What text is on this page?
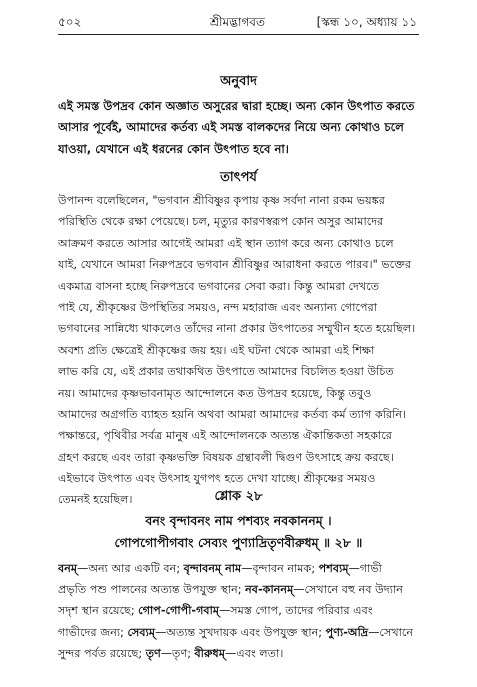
৫০২	শ্রীমদ্ভাগবত	[স্কন্ধ ১০, অধ্যায় ১১
অনুবাদ
এই সমস্ত উপদ্রব কোন অজ্ঞাত অসুরের দ্বারা হচ্ছে। অন্য কোন উৎপাত করতে
আসার পূর্বেই, আমাদের কর্তব্য এই সমস্ত বালকদের নিয়ে অন্য কোথাও চলে
যাওয়া, যেখানে এই ধরনের কোন উৎপাত হবে না।
তাৎপর্য
উপানন্দ বলেছিলেন, "ভগবান শ্রীবিষ্ণুর কৃপায় কৃষ্ণ সর্বদা নানা রকম ভয়ঙ্কর
পরিস্থিতি থেকে রক্ষা পেয়েছে। চল, মৃত্যুর কারণস্বরূপ কোন অসুর আমাদের
আক্রমণ করতে আসার আগেই আমরা এই স্থান ত্যাগ করে অন্য কোথাও চলে
যাই, যেখানে আমরা নিরুপদ্রবে ভগবান শ্রীবিষ্ণুর আরাধনা করতে পারব।" ভক্তের
একমাত্র বাসনা হচ্ছে নিরুপদ্রবে ভগবানের সেবা করা। কিন্তু আমরা দেখতে
পাই যে, শ্রীকৃষ্ণের উপস্থিতির সময়ও, নন্দ মহারাজ এবং অন্যান্য গোপেরা
ভগবানের সান্নিধ্যে থাকলেও তাঁদের নানা প্রকার উৎপাতের সম্মুখীন হতে হয়েছিল।
অবশ্য প্রতি ক্ষেত্রেই শ্রীকৃষ্ণের জয় হয়। এই ঘটনা থেকে আমরা এই শিক্ষা
লাভ করি যে, এই প্রকার তথাকথিত উৎপাতে আমাদের বিচলিত হওয়া উচিত
নয়। আমাদের কৃষ্ণভাবনামৃত আন্দোলনে কত উপদ্রব হয়েছে, কিন্তু তবুও
আমাদের অগ্রগতি ব্যাহত হয়নি অথবা আমরা আমাদের কর্তব্য কর্ম ত্যাগ করিনি।
পক্ষান্তরে, পৃথিবীর সর্বত্র মানুষ এই আন্দোলনকে অত্যন্ত ঐকান্তিকতা সহকারে
গ্রহণ করছে এবং তারা কৃষ্ণভক্তি বিষয়ক গ্রন্থাবলী দ্বিগুণ উৎসাহে ক্রয় করছে।
এইভাবে উৎপাত এবং উৎসাহ যুগপৎ হতে দেখা যাচ্ছে। শ্রীকৃষ্ণের সময়ও
তেমনই হয়েছিল।	শ্লোক ২৮
বনং বৃন্দাবনং নাম পশব্যং নবকাননম্ ।
গোপগোপীগবাং সেব্যং পুণ্যাদ্রিতৃণবীরুধম্ ॥ ২৮ ॥
বনম্—অন্য আর একটি বন; বৃন্দাবনম্ নাম—বৃন্দাবন নামক; পশব্যম্—গাভী
প্রভৃতি পশু পালনের অত্যন্ত উপযুক্ত স্থান; নব-কাননম্—সেখানে বহু নব উদ্যান
সদৃশ স্থান রয়েছে; গোপ-গোপী-গবাম্—সমস্ত গোপ, তাদের পরিবার এবং
গাভীদের জন্য; সেব্যম্—অত্যন্ত সুখদায়ক এবং উপযুক্ত স্থান; পুণ্য-অদ্রি—সেখানে
সুন্দর পর্বত রয়েছে; তৃণ—তৃণ; বীরুধম্—এবং লতা।
